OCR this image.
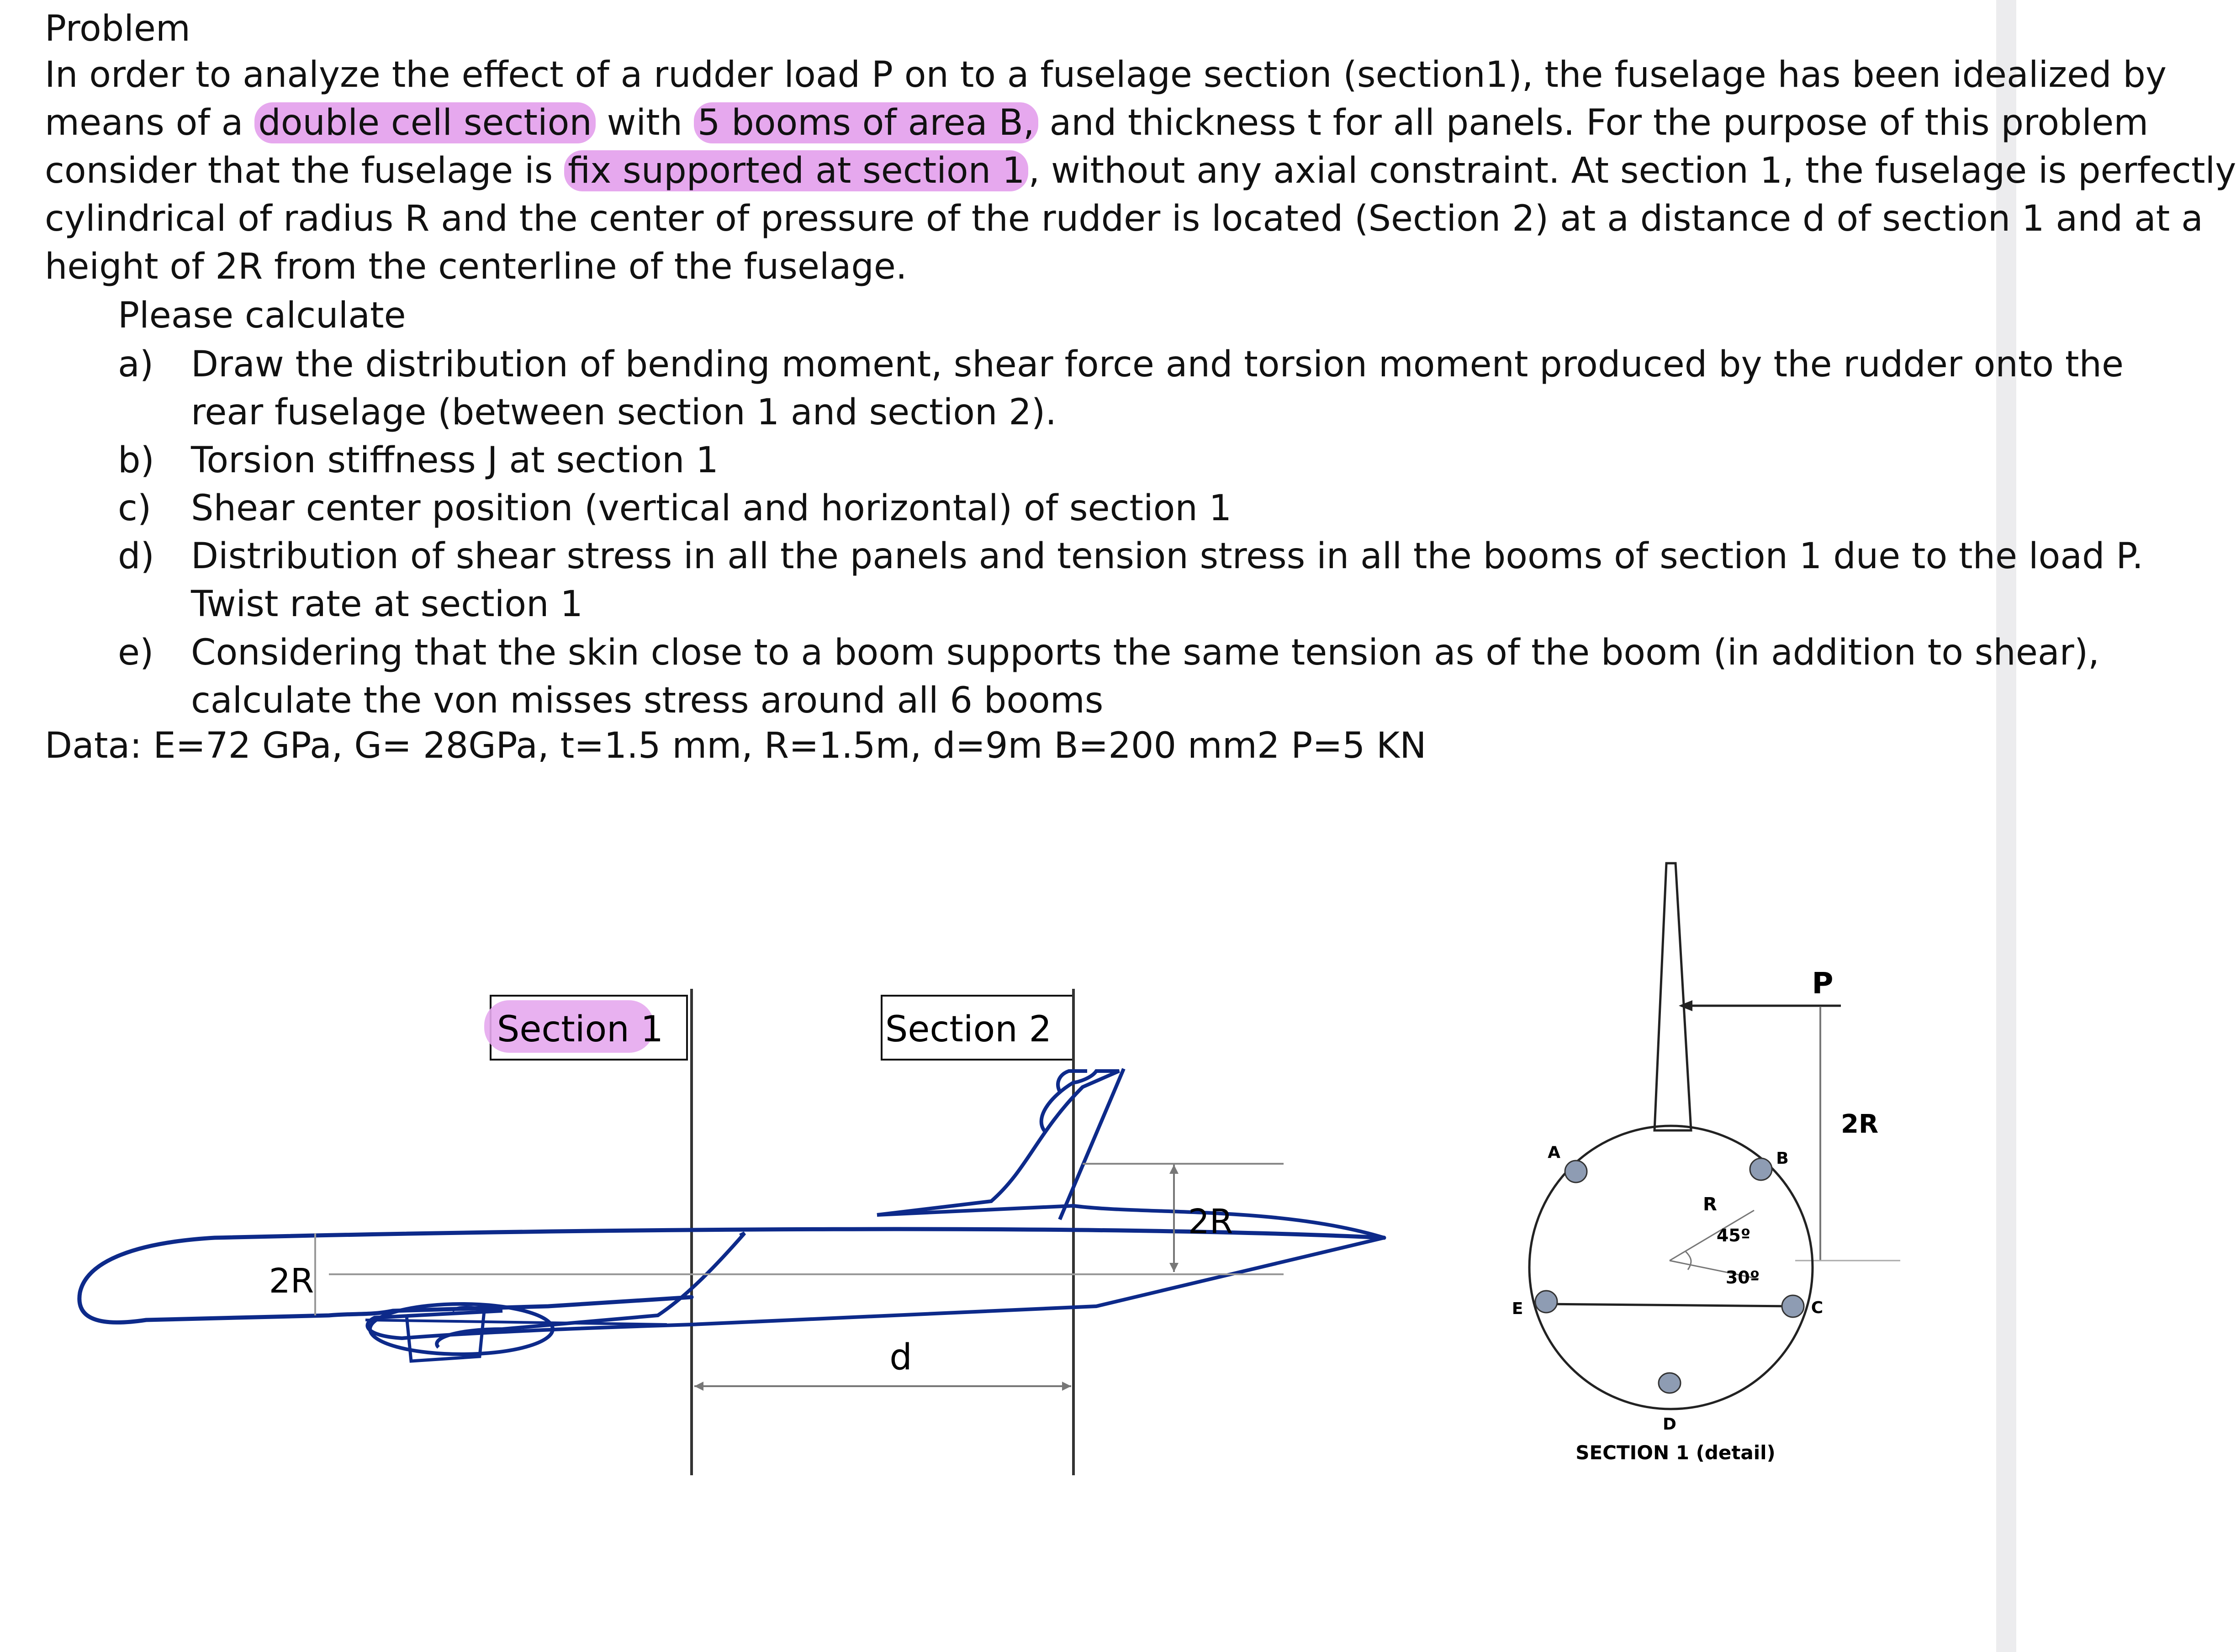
Problem
In order to analyze the effect of a rudder load P on to a fuselage section (section1), the fuselage has been idealized by
means of a double cell section with 5 booms of area B, and thickness t for all panels. For the purpose of this problem
consider that the fuselage is fix supported at section 1 , without any axial constraint. At section 1, the fuselage is perfectly
cylindrical of radius R and the center of pressure of the rudder is located (Section 2) at a distance d of section 1 and at a
height of 2R from the centerline of the fuselage.
Please calculate
a)	Draw the distribution of bending moment, shear force and torsion moment produced by the rudder onto the
rear fuselage (between section 1 and section 2).
b)	Torsion stiffness J at section 1
c)	Shear center position (vertical and horizontal) of section 1
d)	Distribution of shear stress in all the panels and tension stress in all the booms of section 1 due to the load P.
Twist rate at section 1
e)	Considering that the skin close to a boom supports the same tension as of the boom (in addition to shear),
calculate the von misses stress around all 6 booms
Data: E=72 GPa, G= 28GPa, t=1.5 mm, R=1.5m, d=9m B=200 mm2 P=5 KN
Section 1	Section 2
2R
2R
d
P
2R
R
45º
30º
A	B
C
D
E
SECTION 1 (detail)
